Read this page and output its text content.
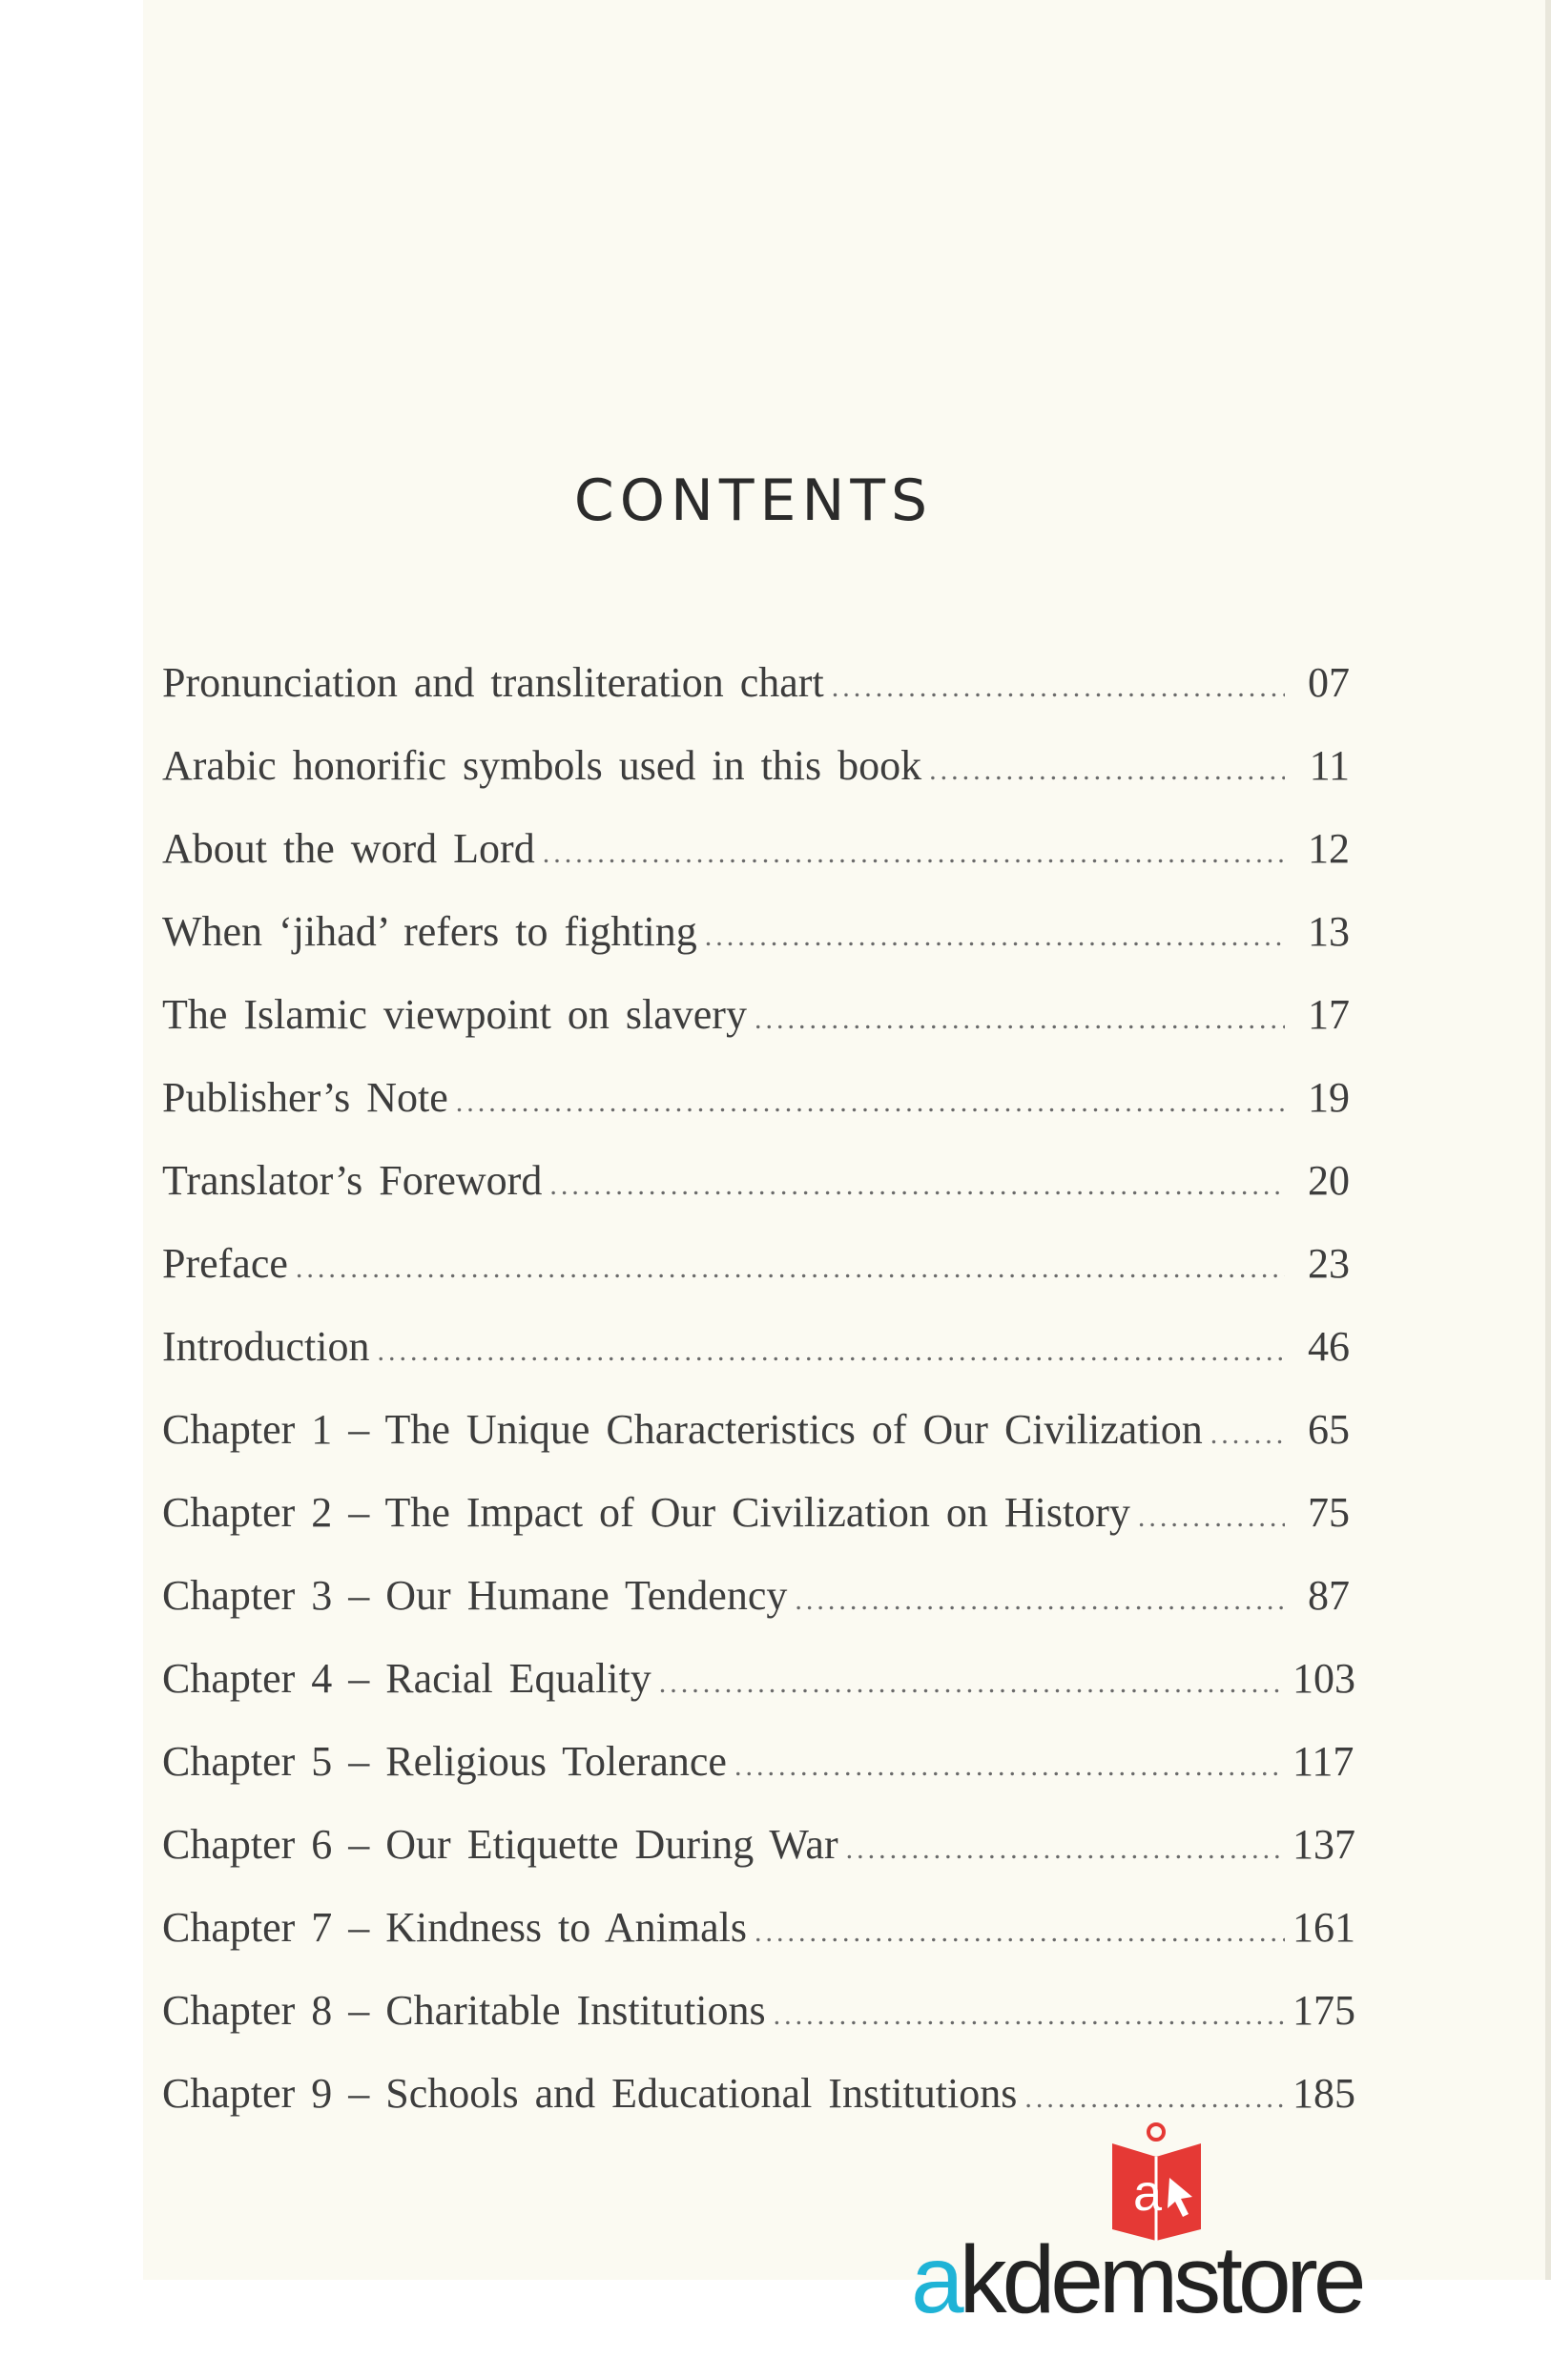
CONTENTS
Pronunciation and transliteration chart .....	07
Arabic honorific symbols used in this book .....	11
About the word Lord .....	12
When ‘jihad’ refers to fighting .....	13
The Islamic viewpoint on slavery .....	17
Publisher’s Note .....	19
Translator’s Foreword .....	20
Preface .....	23
Introduction .....	46
Chapter 1 – The Unique Characteristics of Our Civilization .....	65
Chapter 2 – The Impact of Our Civilization on History .....	75
Chapter 3 – Our Humane Tendency .....	87
Chapter 4 – Racial Equality .....	103
Chapter 5 – Religious Tolerance .....	117
Chapter 6 – Our Etiquette During War .....	137
Chapter 7 – Kindness to Animals .....	161
Chapter 8 – Charitable Institutions .....	175
Chapter 9 – Schools and Educational Institutions .....	185
a
akdemstore
